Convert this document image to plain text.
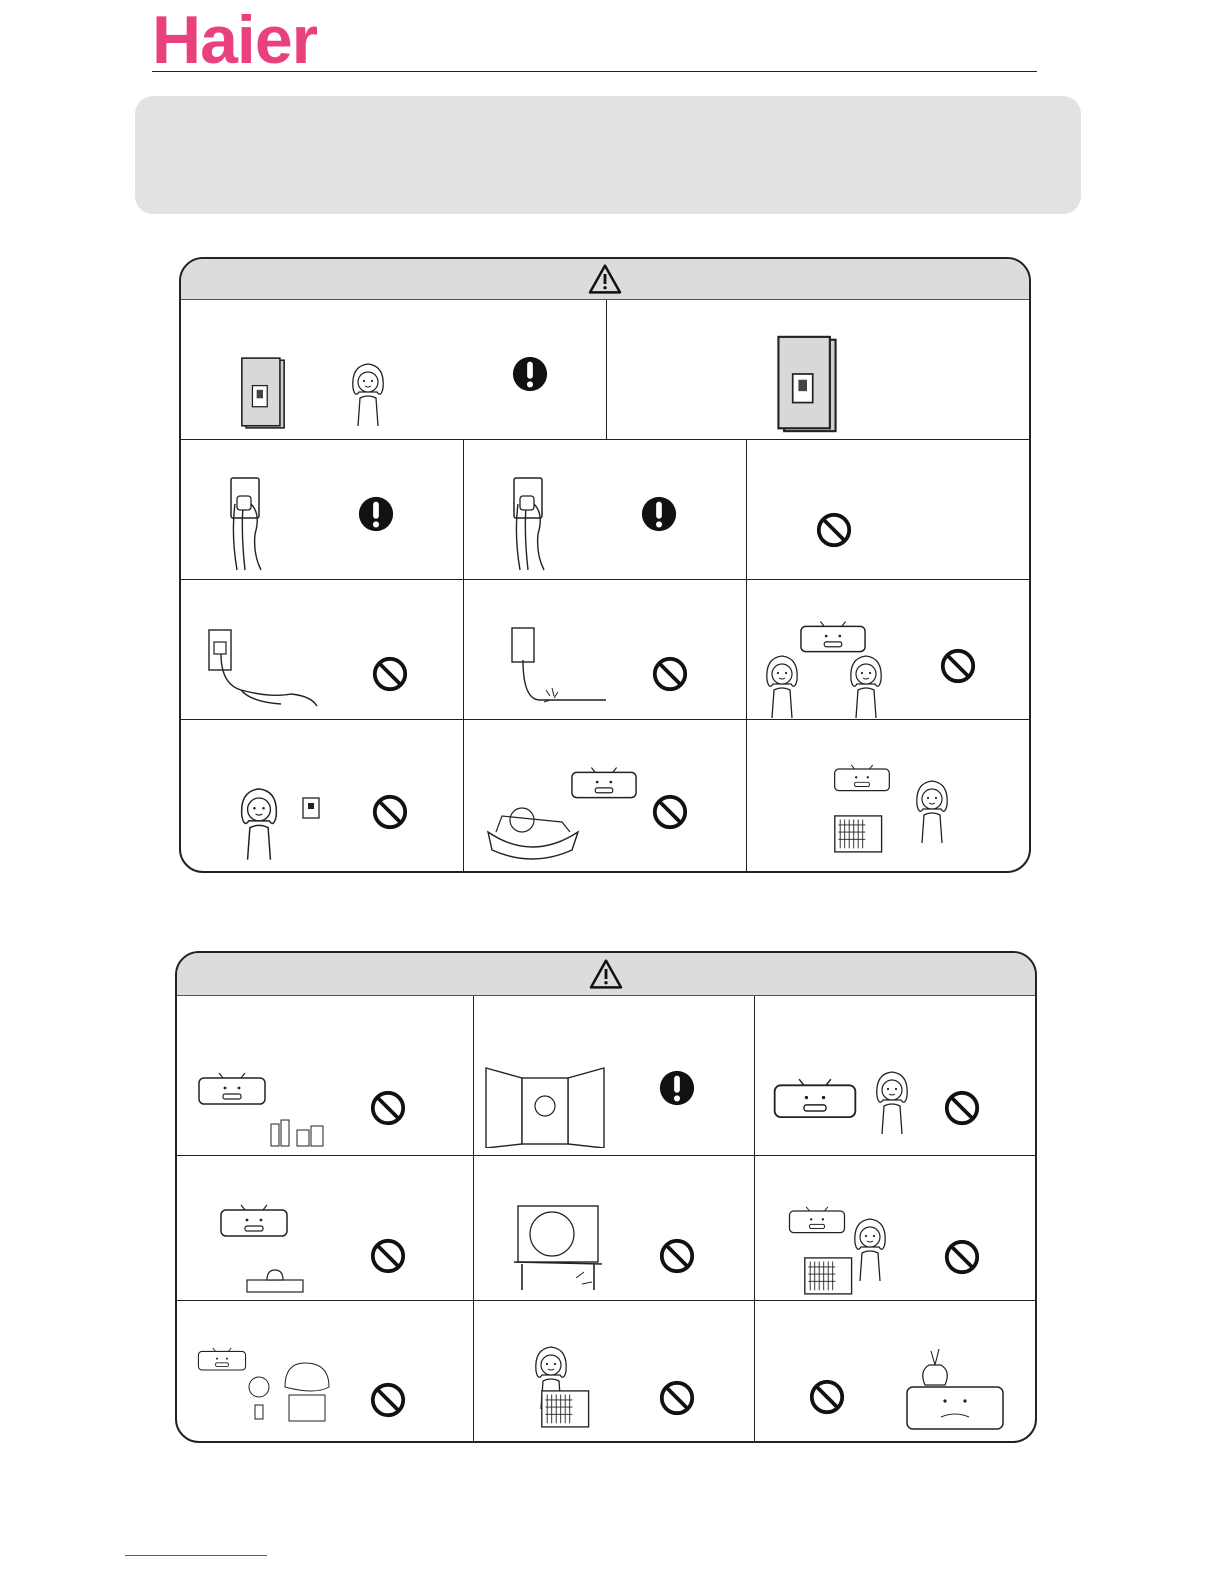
Haier
